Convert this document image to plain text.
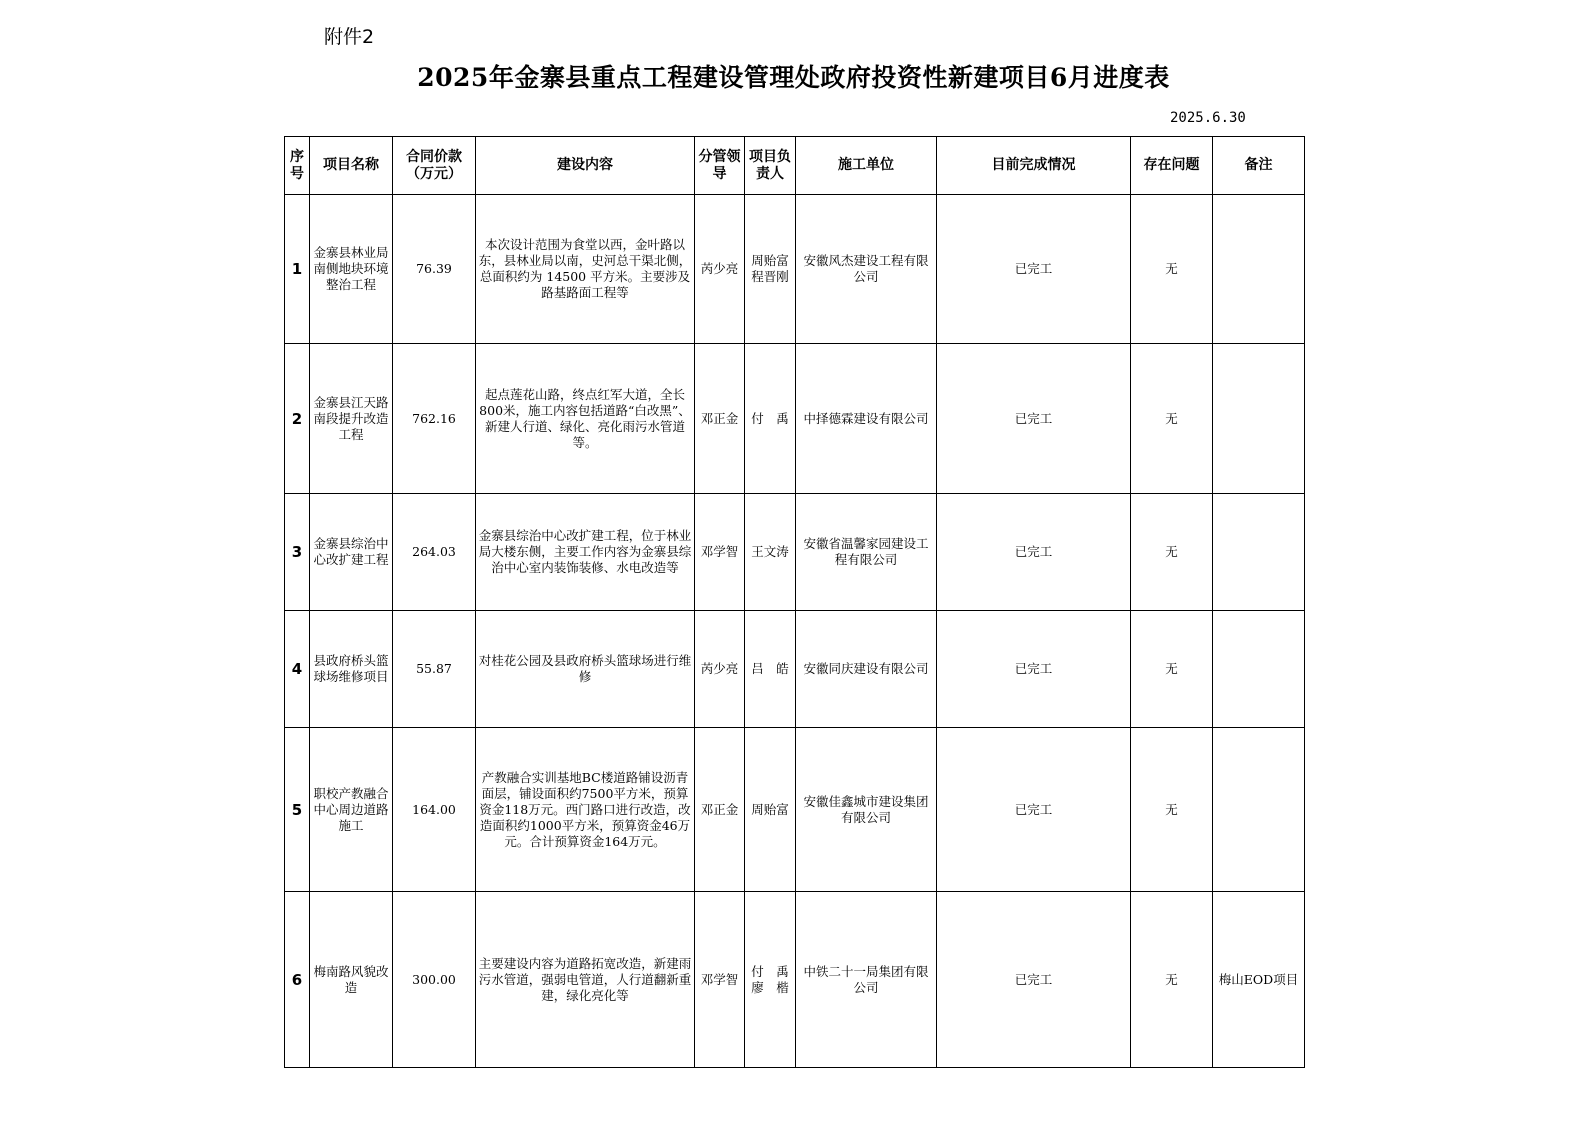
附件2
2025年金寨县重点工程建设管理处政府投资性新建项目6月进度表
2025.6.30
序号	项目名称	合同价款（万元）	建设内容	分管领导	项目负责人	施工单位	目前完成情况	存在问题	备注
1	金寨县林业局南侧地块环境整治工程	76.39	本次设计范围为食堂以西，金叶路以东，县林业局以南，史河总干渠北侧，总面积约为 14500 平方米。主要涉及路基路面工程等	芮少亮	周贻富程晋刚	安徽风杰建设工程有限公司	已完工	无	
2	金寨县江天路南段提升改造工程	762.16	起点莲花山路，终点红军大道，全长800米，施工内容包括道路“白改黑”、新建人行道、绿化、亮化雨污水管道等。	邓正金	付　禹	中择德霖建设有限公司	已完工	无	
3	金寨县综治中心改扩建工程	264.03	金寨县综治中心改扩建工程，位于林业局大楼东侧，主要工作内容为金寨县综治中心室内装饰装修、水电改造等	邓学智	王文涛	安徽省温馨家园建设工程有限公司	已完工	无	
4	县政府桥头篮球场维修项目	55.87	对桂花公园及县政府桥头篮球场进行维修	芮少亮	吕　皓	安徽同庆建设有限公司	已完工	无	
5	职校产教融合中心周边道路施工	164.00	产教融合实训基地BC楼道路铺设沥青面层，铺设面积约7500平方米，预算资金118万元。西门路口进行改造，改造面积约1000平方米，预算资金46万元。合计预算资金164万元。	邓正金	周贻富	安徽佳鑫城市建设集团有限公司	已完工	无	
6	梅南路风貌改造	300.00	主要建设内容为道路拓宽改造，新建雨污水管道，强弱电管道，人行道翻新重建，绿化亮化等	邓学智	付　禹廖　楷	中铁二十一局集团有限公司	已完工	无	梅山EOD项目
